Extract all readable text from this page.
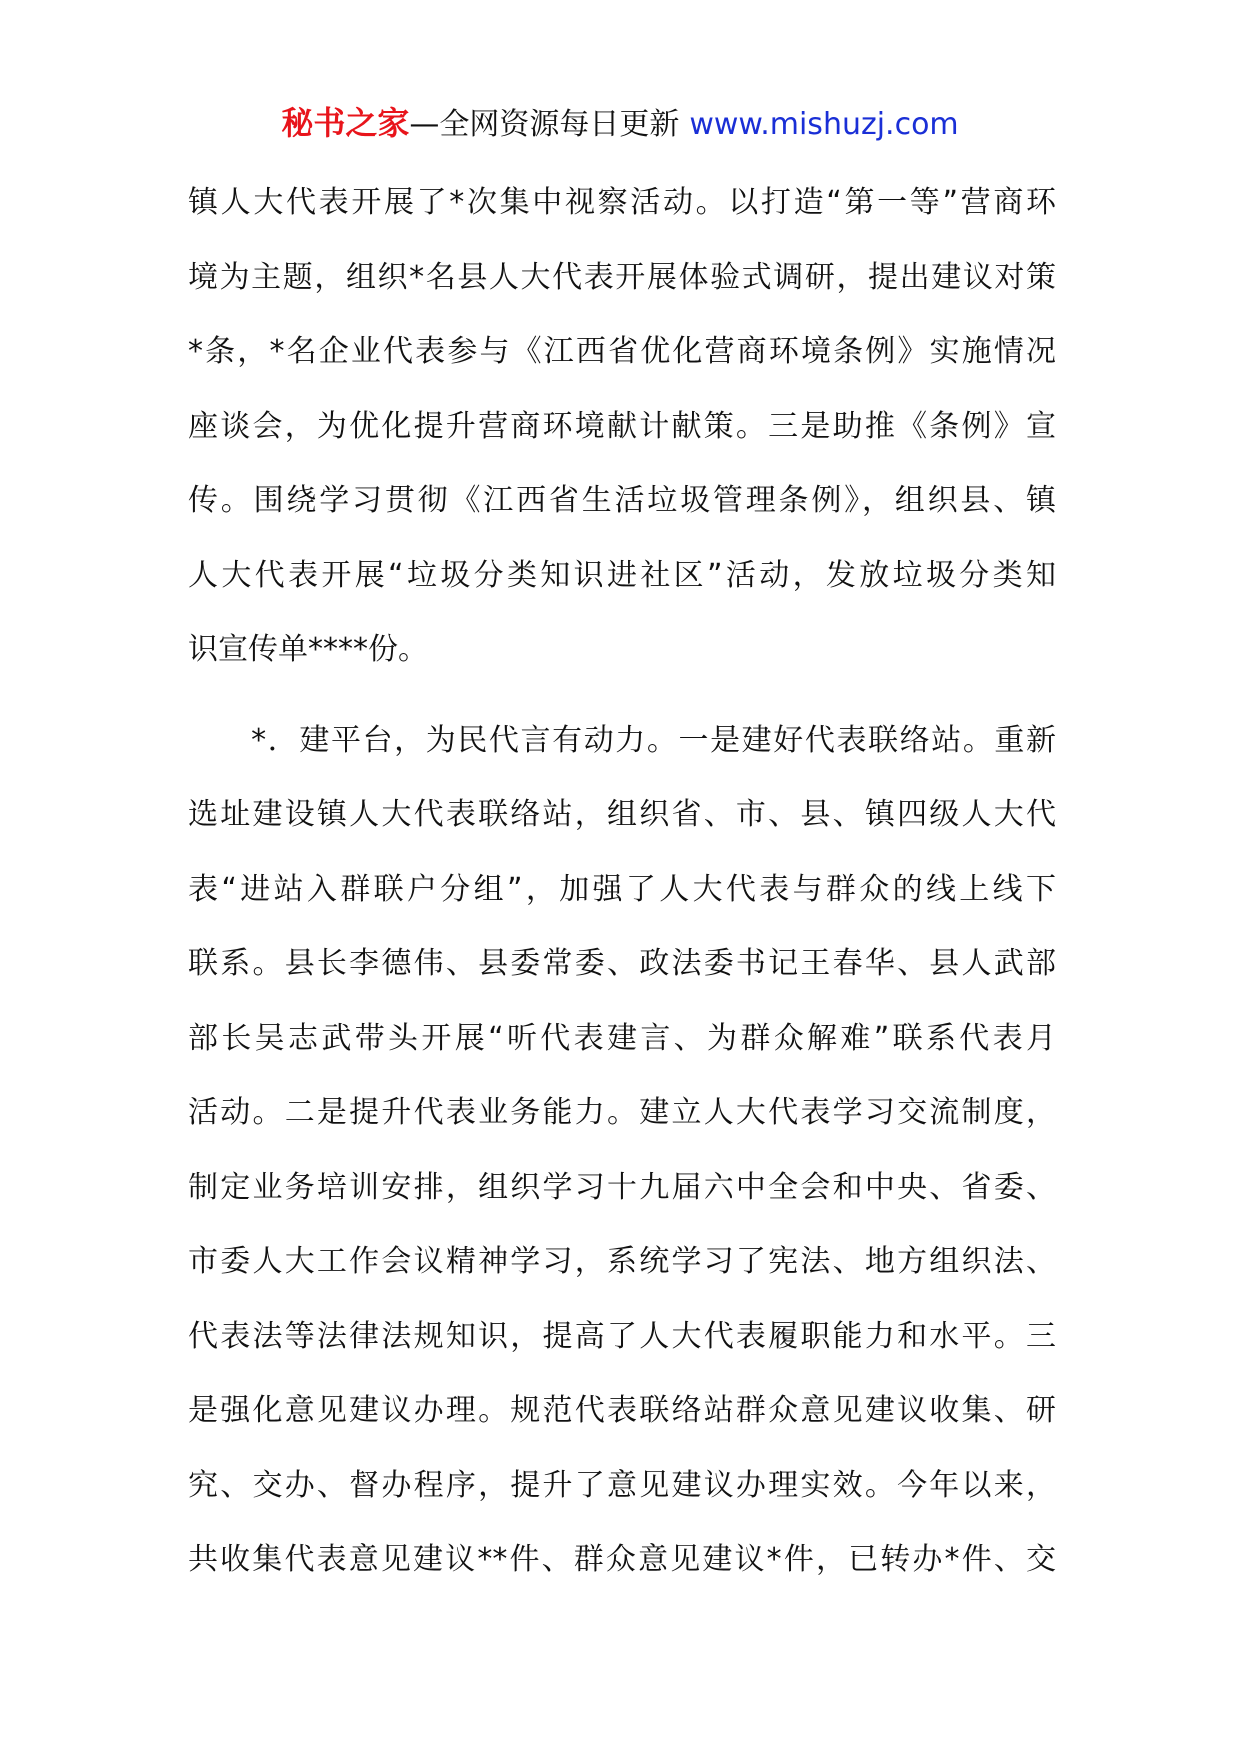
秘书之家—全网资源每日更新 www.mishuzj.com
镇人大代表开展了*次集中视察活动。以打造“第一等”营商环
境为主题，组织*名县人大代表开展体验式调研，提出建议对策
*条，*名企业代表参与《江西省优化营商环境条例》实施情况
座谈会，为优化提升营商环境献计献策。三是助推《条例》宣
传。围绕学习贯彻《江西省生活垃圾管理条例》，组织县、镇
人大代表开展“垃圾分类知识进社区”活动，发放垃圾分类知
识宣传单****份。
　　*．建平台，为民代言有动力。一是建好代表联络站。重新
选址建设镇人大代表联络站，组织省、市、县、镇四级人大代
表“进站入群联户分组”，加强了人大代表与群众的线上线下
联系。县长李德伟、县委常委、政法委书记王春华、县人武部
部长吴志武带头开展“听代表建言、为群众解难”联系代表月
活动。二是提升代表业务能力。建立人大代表学习交流制度，
制定业务培训安排，组织学习十九届六中全会和中央、省委、
市委人大工作会议精神学习，系统学习了宪法、地方组织法、
代表法等法律法规知识，提高了人大代表履职能力和水平。三
是强化意见建议办理。规范代表联络站群众意见建议收集、研
究、交办、督办程序，提升了意见建议办理实效。今年以来，
共收集代表意见建议**件、群众意见建议*件，已转办*件、交
